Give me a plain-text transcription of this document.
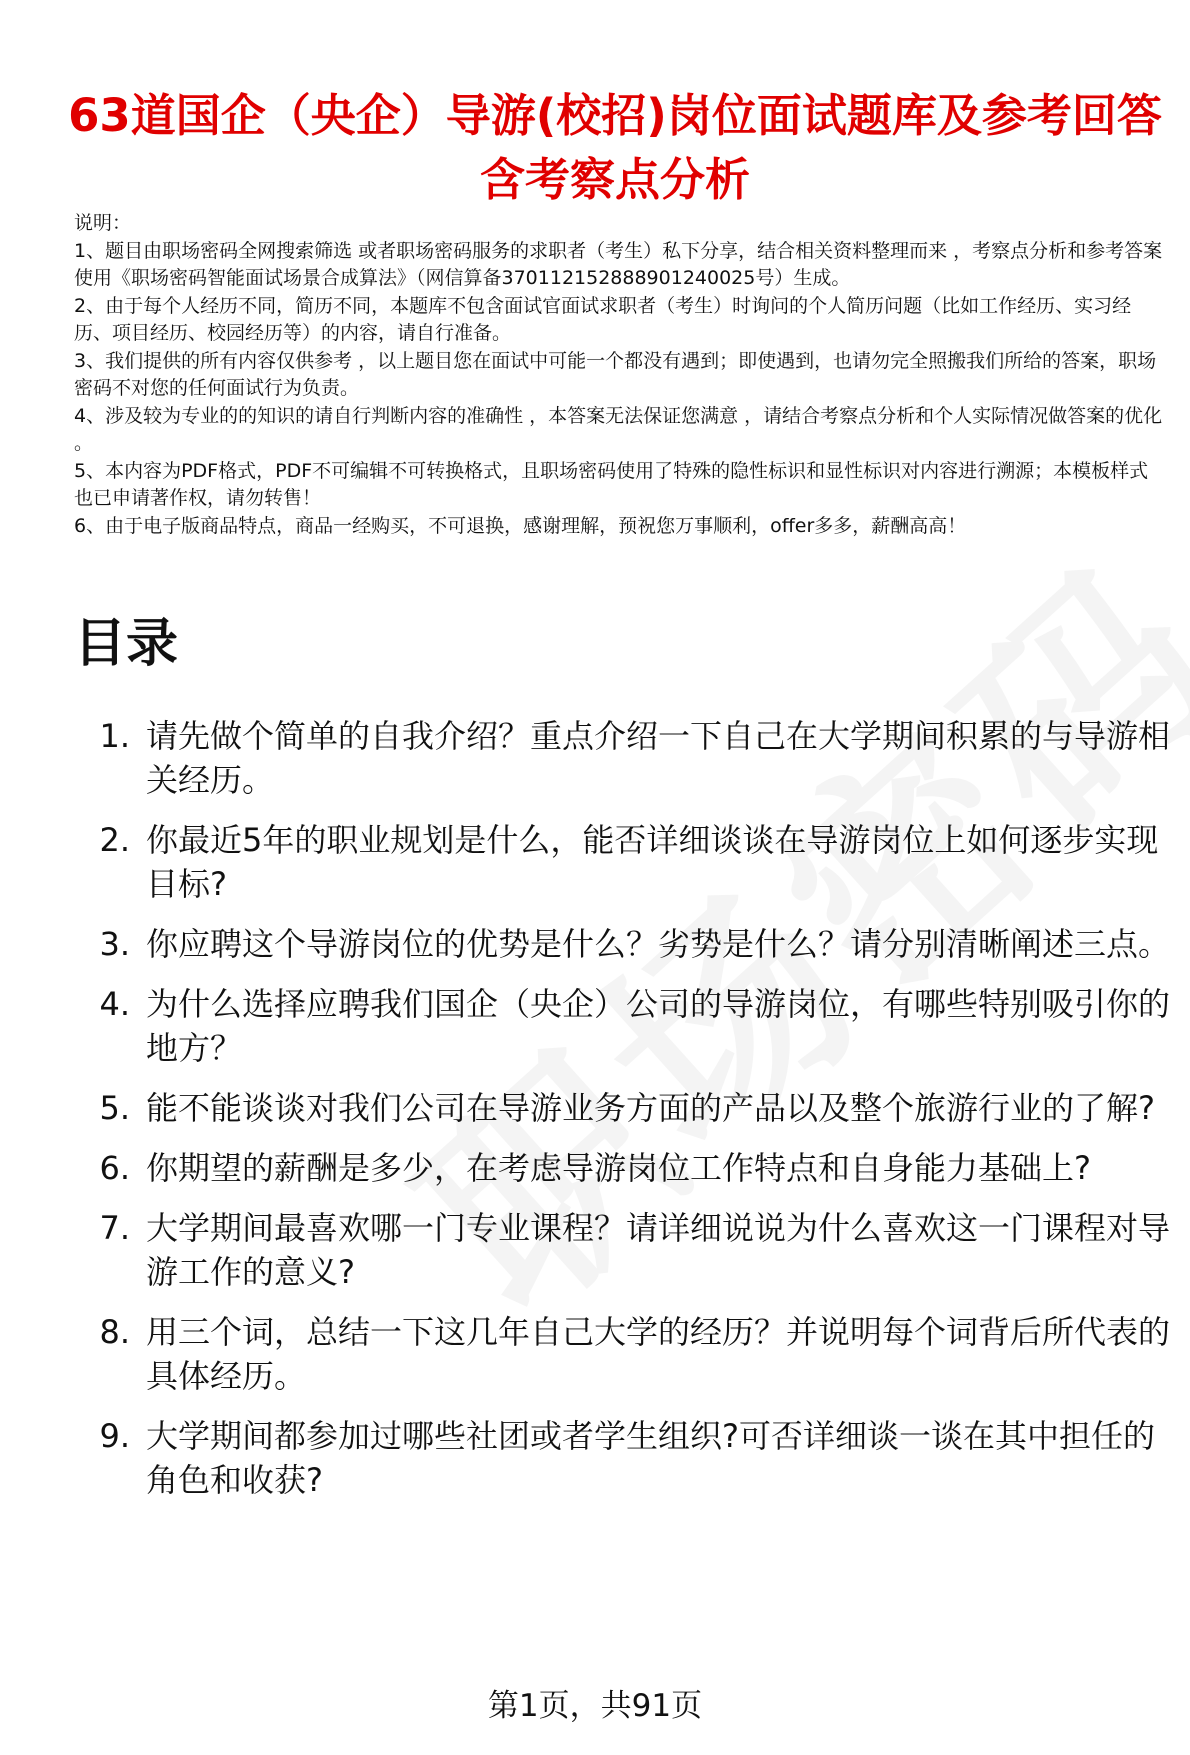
63道国企（央企）导游(校招)岗位面试题库及参考回答含考察点分析

说明：

1、题目由职场密码全网搜索筛选 或者职场密码服务的求职者（考生）私下分享，结合相关资料整理而来 ，考察点分析和参考答案使用《职场密码智能面试场景合成算法》（网信算备370112152888901240025号）生成。

2、由于每个人经历不同，简历不同，本题库不包含面试官面试求职者（考生）时询问的个人简历问题（比如工作经历、实习经历、项目经历、校园经历等）的内容，请自行准备。

3、我们提供的所有内容仅供参考 ，以上题目您在面试中可能一个都没有遇到；即使遇到，也请勿完全照搬我们所给的答案，职场密码不对您的任何面试行为负责。

4、涉及较为专业的的知识的请自行判断内容的准确性 ，本答案无法保证您满意 ，请结合考察点分析和个人实际情况做答案的优化 。

5、本内容为PDF格式，PDF不可编辑不可转换格式，且职场密码使用了特殊的隐性标识和显性标识对内容进行溯源；本模板样式也已申请著作权，请勿转售！

6、由于电子版商品特点，商品一经购买，不可退换，感谢理解，预祝您万事顺利，offer多多，薪酬高高！

目录
1. 请先做个简单的自我介绍？重点介绍一下自己在大学期间积累的与导游相关经历。
2. 你最近5年的职业规划是什么，能否详细谈谈在导游岗位上如何逐步实现目标?
3. 你应聘这个导游岗位的优势是什么？劣势是什么？请分别清晰阐述三点。
4. 为什么选择应聘我们国企（央企）公司的导游岗位，有哪些特别吸引你的地方？
5. 能不能谈谈对我们公司在导游业务方面的产品以及整个旅游行业的了解?
6. 你期望的薪酬是多少，在考虑导游岗位工作特点和自身能力基础上?
7. 大学期间最喜欢哪一门专业课程？请详细说说为什么喜欢这一门课程对导游工作的意义?
8. 用三个词，总结一下这几年自己大学的经历？并说明每个词背后所代表的具体经历。
9. 大学期间都参加过哪些社团或者学生组织?可否详细谈一谈在其中担任的角色和收获?
第1页，共91页
